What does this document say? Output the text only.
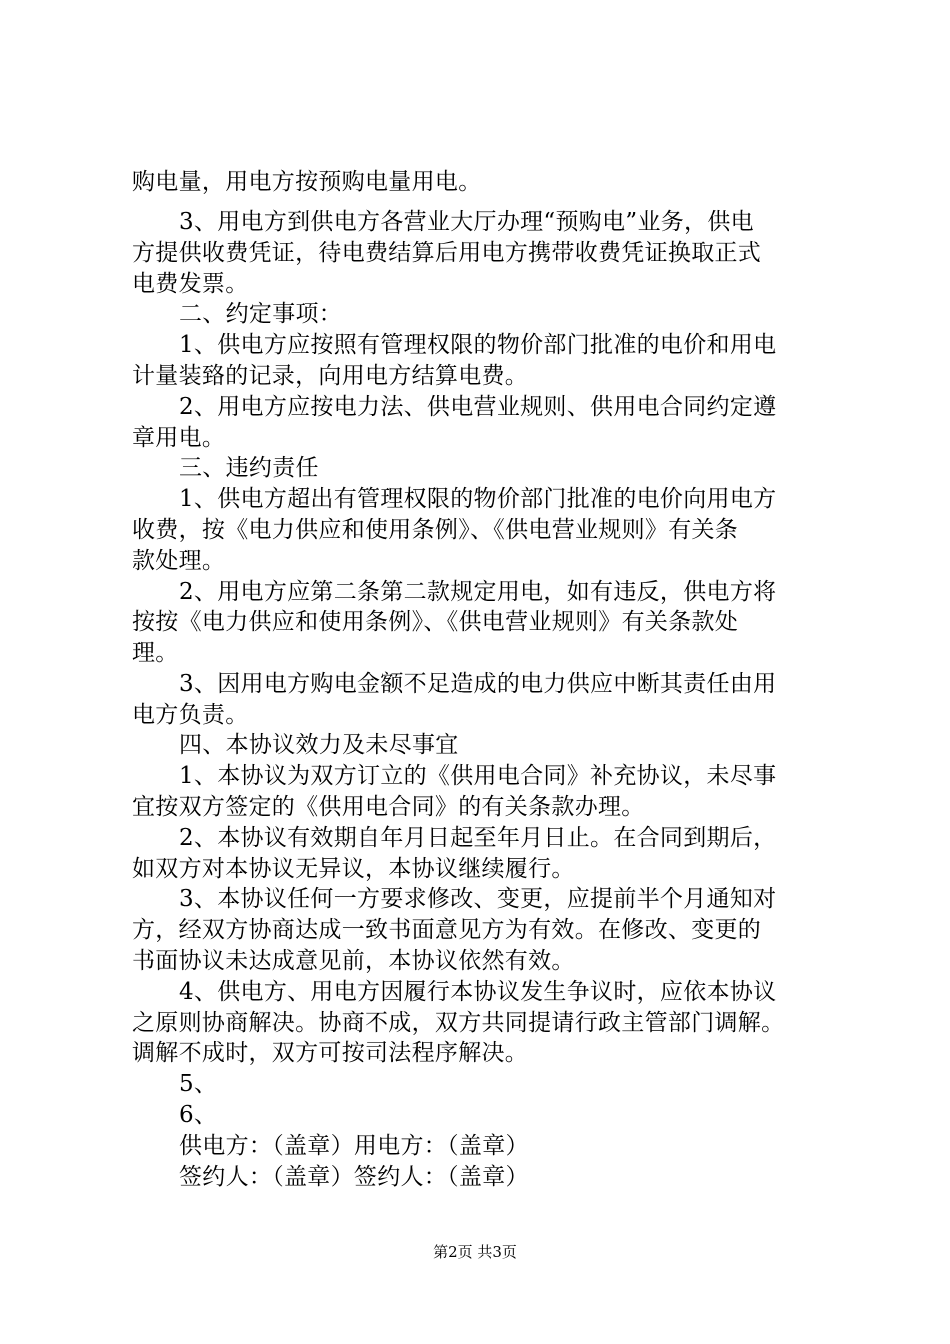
购电量，用电方按预购电量用电。
3、用电方到供电方各营业大厅办理“预购电”业务，供电
方提供收费凭证，待电费结算后用电方携带收费凭证换取正式
电费发票。
二、约定事项：
1、供电方应按照有管理权限的物价部门批准的电价和用电
计量装臵的记录，向用电方结算电费。
2、用电方应按电力法、供电营业规则、供用电合同约定遵
章用电。
三、违约责任
1、供电方超出有管理权限的物价部门批准的电价向用电方
收费，按《电力供应和使用条例》、《供电营业规则》有关条
款处理。
2、用电方应第二条第二款规定用电，如有违反，供电方将
按按《电力供应和使用条例》、《供电营业规则》有关条款处
理。
3、因用电方购电金额不足造成的电力供应中断其责任由用
电方负责。
四、本协议效力及未尽事宜
1、本协议为双方订立的《供用电合同》补充协议，未尽事
宜按双方签定的《供用电合同》的有关条款办理。
2、本协议有效期自年月日起至年月日止。在合同到期后，
如双方对本协议无异议，本协议继续履行。
3、本协议任何一方要求修改、变更，应提前半个月通知对
方，经双方协商达成一致书面意见方为有效。在修改、变更的
书面协议未达成意见前，本协议依然有效。
4、供电方、用电方因履行本协议发生争议时，应依本协议
之原则协商解决。协商不成，双方共同提请行政主管部门调解。
调解不成时，双方可按司法程序解决。
5、
6、
供电方：（盖章）用电方：（盖章）
签约人：（盖章）签约人：（盖章）
第2页 共3页
